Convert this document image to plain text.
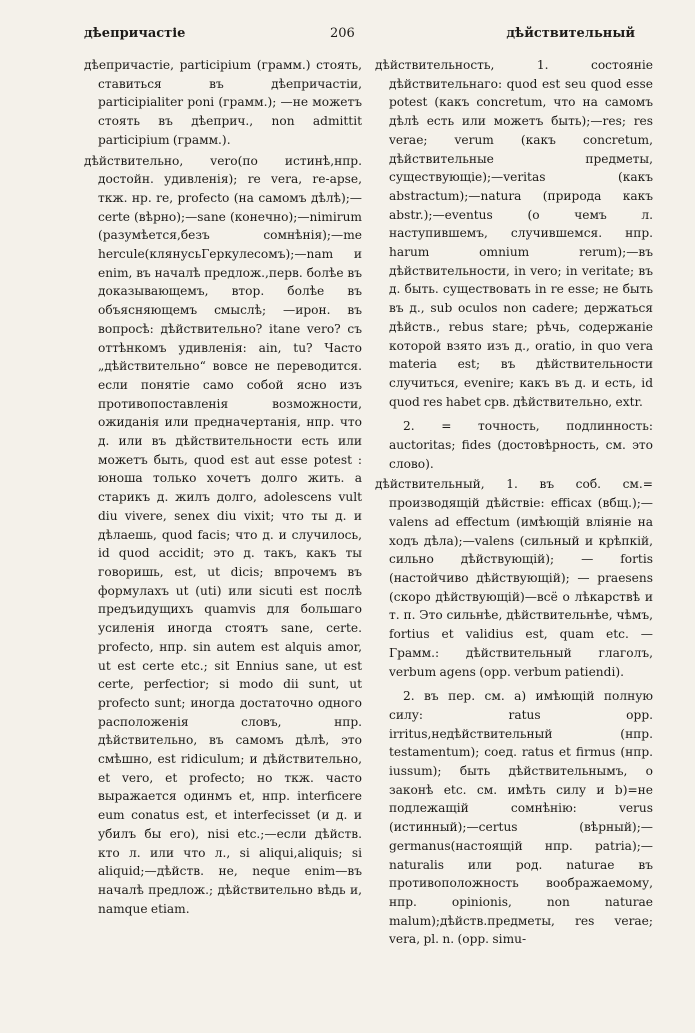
дѣепричастіе	206	дѣйствительный

дѣепричастіе, participium (грамм.) стоять, ставиться въ дѣепричастіи, participialiter poni (грамм.); —не можетъ стоять въ дѣеприч., non admittit participium (грамм.).

дѣйствительно, vero(по истинѣ,нпр. достойн. удивленія); re vera, re-apse, ткж. нр. re, profecto (на самомъ дѣлѣ);—certe (вѣрно);—sane (конечно);—nimirum (разумѣется,безъ сомнѣнія);—me hercule(клянусьГеркулесомъ);—nam и enim, въ началѣ предлож.,перв. болѣе въ доказывающемъ, втор. болѣе въ объясняющемъ смыслѣ; —ирон. въ вопросѣ: дѣйствительно? itane vero? съ оттѣнкомъ удивленія: ain, tu? Часто „дѣйствительно“ вовсе не переводится. если понятіе само собой ясно изъ противопоставленія возможности, ожиданія или предначертанія, нпр. что д. или въ дѣйствительности есть или можетъ быть, quod est aut esse potest : юноша только хочетъ долго жить. а старикъ д. жилъ долго, adolescens vult diu vivere, senex diu vixit; что ты д. и дѣлаешь, quod facis; что д. и случилось, id quod accidit; это д. такъ, какъ ты говоришь, est, ut dicis; впрочемъ въ формулахъ ut (uti) или sicuti est послѣ предъидущихъ quamvis для большаго усиленія иногда стоятъ sane, certe. profecto, нпр. sin autem est alquis amor, ut est certe etc.; sit Ennius sane, ut est certe, perfectior; si modo dii sunt, ut profecto sunt; иногда достаточно одного расположенія словъ, нпр. дѣйствительно, въ самомъ дѣлѣ, это смѣшно, est ridiculum; и дѣйствительно, et vero, et profecto; но ткж. часто выражается одинмъ et, нпр. interficere eum conatus est, et interfecisset (и д. и убилъ бы его), nisi etc.;—если дѣйств. кто л. или что л., si aliqui,aliquis; si aliquid;—дѣйств. не, neque enim—въ началѣ предлож.; дѣйствительно вѣдь и, namque etiam.

дѣйствительность, 1. состояніе дѣйствительнаго: quod est seu quod esse potest (какъ concretum, что на самомъ дѣлѣ есть или можетъ быть);—res; res verae; verum (какъ concretum, дѣйствительные предметы, существующіе);—veritas (какъ abstractum);—natura (природа какъ abstr.);—eventus (о чемъ л. наступившемъ, случившемся. нпр. harum omnium rerum);—въ дѣйствительности, in vero; in veritate; въ д. быть. существовать in re esse; не быть въ д., sub oculos non cadere; держаться дѣйств., rebus stare; рѣчь, содержаніе которой взято изъ д., oratio, in quo vera materia est; въ дѣйствительности случиться, evenire; какъ въ д. и есть, id quod res habet срв. дѣйствительно, extr.

2. = точность, подлинность: auctoritas; fides (достовѣрность, см. это слово).

дѣйствительный, 1. въ соб. см.= производящій дѣйствіе: efficax (вбщ.);—valens ad effectum (имѣющій вліяніе на ходъ дѣла);—valens (сильный и крѣпкій, сильно дѣйствующій); — fortis (настойчиво дѣйствующій); — praesens (скоро дѣйствующій)—всё о лѣкарствѣ и т. п. Это сильнѣе, дѣйствительнѣе, чѣмъ, fortius et validius est, quam etc. — Грамм.: дѣйствительный глаголъ, verbum agens (opp. verbum patiendi).

2. въ пер. см. a) имѣющій полную силу: ratus opp. irritus,недѣйствительный (нпр. testamentum); соед. ratus et firmus (нпр. iussum); быть дѣйствительнымъ, о законѣ etc. см. имѣть силу и b)=не подлежащій сомнѣнію: verus (истинный);—certus (вѣрный);—germanus(настоящій нпр. patria);—naturalis или род. naturae въ противоположность воображаемому, нпр. opinionis, non naturae malum);дѣйств.предметы, res verae; vera, pl. n. (opp. simu-
